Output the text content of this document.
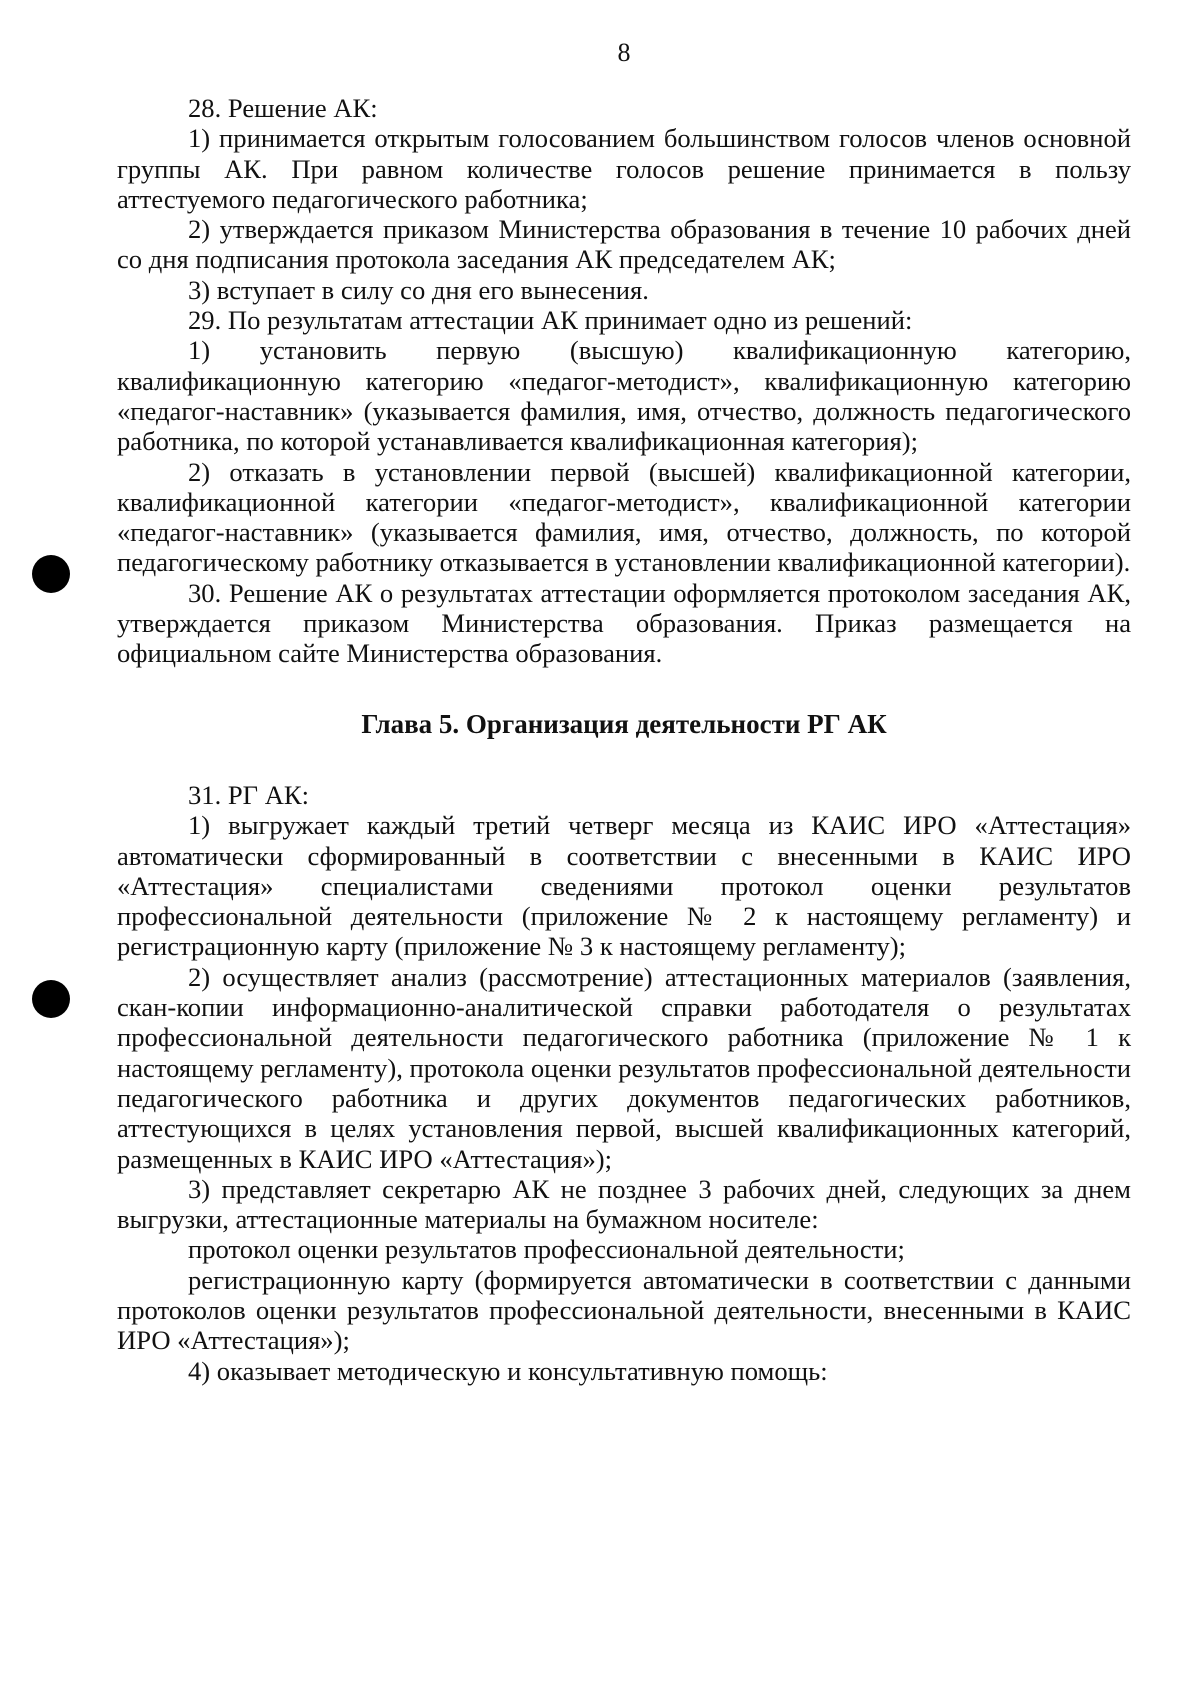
8

28. Решение АК:

1) принимается открытым голосованием большинством голосов членов основной группы АК. При равном количестве голосов решение принимается в пользу аттестуемого педагогического работника;

2) утверждается приказом Министерства образования в течение 10 рабочих дней со дня подписания протокола заседания АК председателем АК;

3) вступает в силу со дня его вынесения.

29. По результатам аттестации АК принимает одно из решений:

1) установить первую (высшую) квалификационную категорию, квалификационную категорию «педагог-методист», квалификационную категорию «педагог-наставник» (указывается фамилия, имя, отчество, должность педагогического работника, по которой устанавливается квалификационная категория);

2) отказать в установлении первой (высшей) квалификационной категории, квалификационной категории «педагог-методист», квалификационной категории «педагог-наставник» (указывается фамилия, имя, отчество, должность, по которой педагогическому работнику отказывается в установлении квалификационной категории).

30. Решение АК о результатах аттестации оформляется протоколом заседания АК, утверждается приказом Министерства образования. Приказ размещается на официальном сайте Министерства образования.

Глава 5. Организация деятельности РГ АК

31. РГ АК:

1) выгружает каждый третий четверг месяца из КАИС ИРО «Аттестация» автоматически сформированный в соответствии с внесенными в КАИС ИРО «Аттестация» специалистами сведениями протокол оценки результатов профессиональной деятельности (приложение № 2 к настоящему регламенту) и регистрационную карту (приложение № 3 к настоящему регламенту);

2) осуществляет анализ (рассмотрение) аттестационных материалов (заявления, скан-копии информационно-аналитической справки работодателя о результатах профессиональной деятельности педагогического работника (приложение № 1 к настоящему регламенту), протокола оценки результатов профессиональной деятельности педагогического работника и других документов педагогических работников, аттестующихся в целях установления первой, высшей квалификационных категорий, размещенных в КАИС ИРО «Аттестация»);

3) представляет секретарю АК не позднее 3 рабочих дней, следующих за днем выгрузки, аттестационные материалы на бумажном носителе:

протокол оценки результатов профессиональной деятельности;

регистрационную карту (формируется автоматически в соответствии с данными протоколов оценки результатов профессиональной деятельности, внесенными в КАИС ИРО «Аттестация»);

4) оказывает методическую и консультативную помощь:
